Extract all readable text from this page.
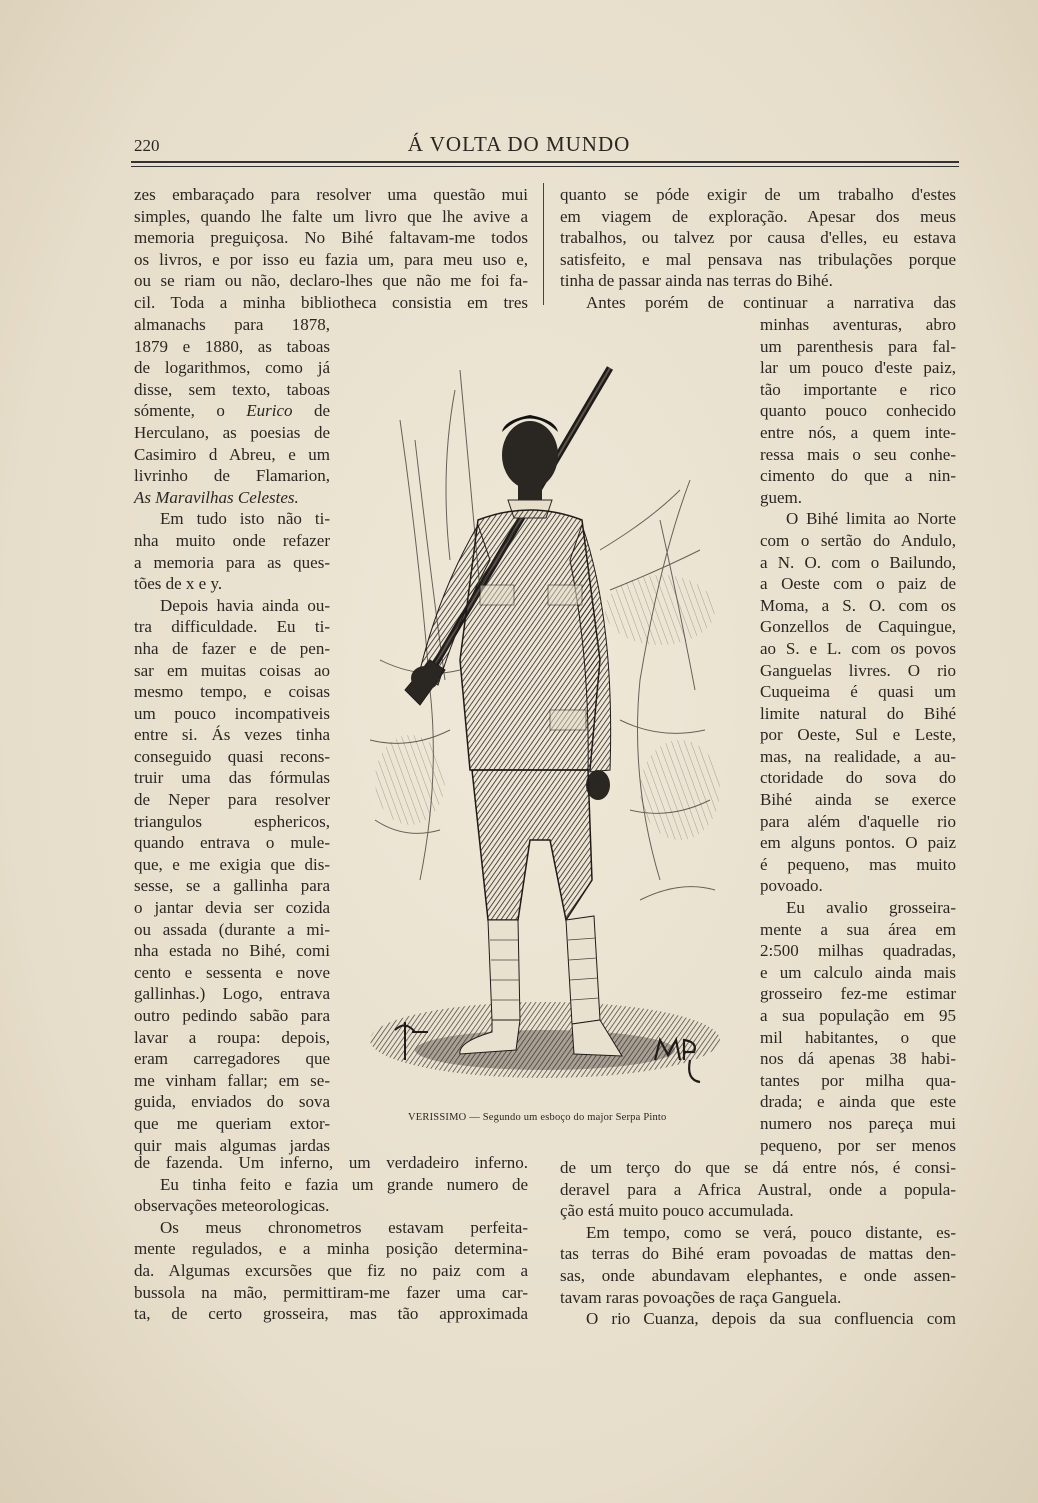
220	Á VOLTA DO MUNDO
zes embaraçado para resolver uma questão mui
simples, quando lhe falte um livro que lhe avive a
memoria preguiçosa. No Bihé faltavam-me todos
os livros, e por isso eu fazia um, para meu uso e,
ou se riam ou não, declaro-lhes que não me foi fa-
cil. Toda a minha bibliotheca consistia em tres
almanachs para 1878,
1879 e 1880, as taboas
de logarithmos, como já
disse, sem texto, taboas
sómente, o Eurico de
Herculano, as poesias de
Casimiro d Abreu, e um
livrinho de Flamarion,
As Maravilhas Celestes.
Em tudo isto não ti-
nha muito onde refazer
a memoria para as ques-
tões de x e y.
Depois havia ainda ou-
tra difficuldade. Eu ti-
nha de fazer e de pen-
sar em muitas coisas ao
mesmo tempo, e coisas
um pouco incompativeis
entre si. Ás vezes tinha
conseguido quasi recons-
truir uma das fórmulas
de Neper para resolver
triangulos esphericos,
quando entrava o mule-
que, e me exigia que dis-
sesse, se a gallinha para
o jantar devia ser cozida
ou assada (durante a mi-
nha estada no Bihé, comi
cento e sessenta e nove
gallinhas.) Logo, entrava
outro pedindo sabão para
lavar a roupa: depois,
eram carregadores que
me vinham fallar; em se-
guida, enviados do sova
que me queriam extor-
quir mais algumas jardas
de fazenda. Um inferno, um verdadeiro inferno.
Eu tinha feito e fazia um grande numero de
observações meteorologicas.
Os meus chronometros estavam perfeita-
mente regulados, e a minha posição determina-
da. Algumas excursões que fiz no paiz com a
bussola na mão, permittiram-me fazer uma car-
ta, de certo grosseira, mas tão approximada
quanto se póde exigir de um trabalho d'estes
em viagem de exploração. Apesar dos meus
trabalhos, ou talvez por causa d'elles, eu estava
satisfeito, e mal pensava nas tribulações porque
tinha de passar ainda nas terras do Bihé.
Antes porém de continuar a narrativa das
minhas aventuras, abro
um parenthesis para fal-
lar um pouco d'este paiz,
tão importante e rico
quanto pouco conhecido
entre nós, a quem inte-
ressa mais o seu conhe-
cimento do que a nin-
guem.
O Bihé limita ao Norte
com o sertão do Andulo,
a N. O. com o Bailundo,
a Oeste com o paiz de
Moma, a S. O. com os
Gonzellos de Caquingue,
ao S. e L. com os povos
Ganguelas livres. O rio
Cuqueima é quasi um
limite natural do Bihé
por Oeste, Sul e Leste,
mas, na realidade, a au-
ctoridade do sova do
Bihé ainda se exerce
para além d'aquelle rio
em alguns pontos. O paiz
é pequeno, mas muito
povoado.
Eu avalio grosseira-
mente a sua área em
2:500 milhas quadradas,
e um calculo ainda mais
grosseiro fez-me estimar
a sua população em 95
mil habitantes, o que
nos dá apenas 38 habi-
tantes por milha qua-
drada; e ainda que este
numero nos pareça mui
pequeno, por ser menos
de um terço do que se dá entre nós, é consi-
deravel para a Africa Austral, onde a popula-
ção está muito pouco accumulada.
Em tempo, como se verá, pouco distante, es-
tas terras do Bihé eram povoadas de mattas den-
sas, onde abundavam elephantes, e onde assen-
tavam raras povoações de raça Ganguela.
O rio Cuanza, depois da sua confluencia com
VERISSIMO — Segundo um esboço do major Serpa Pinto
